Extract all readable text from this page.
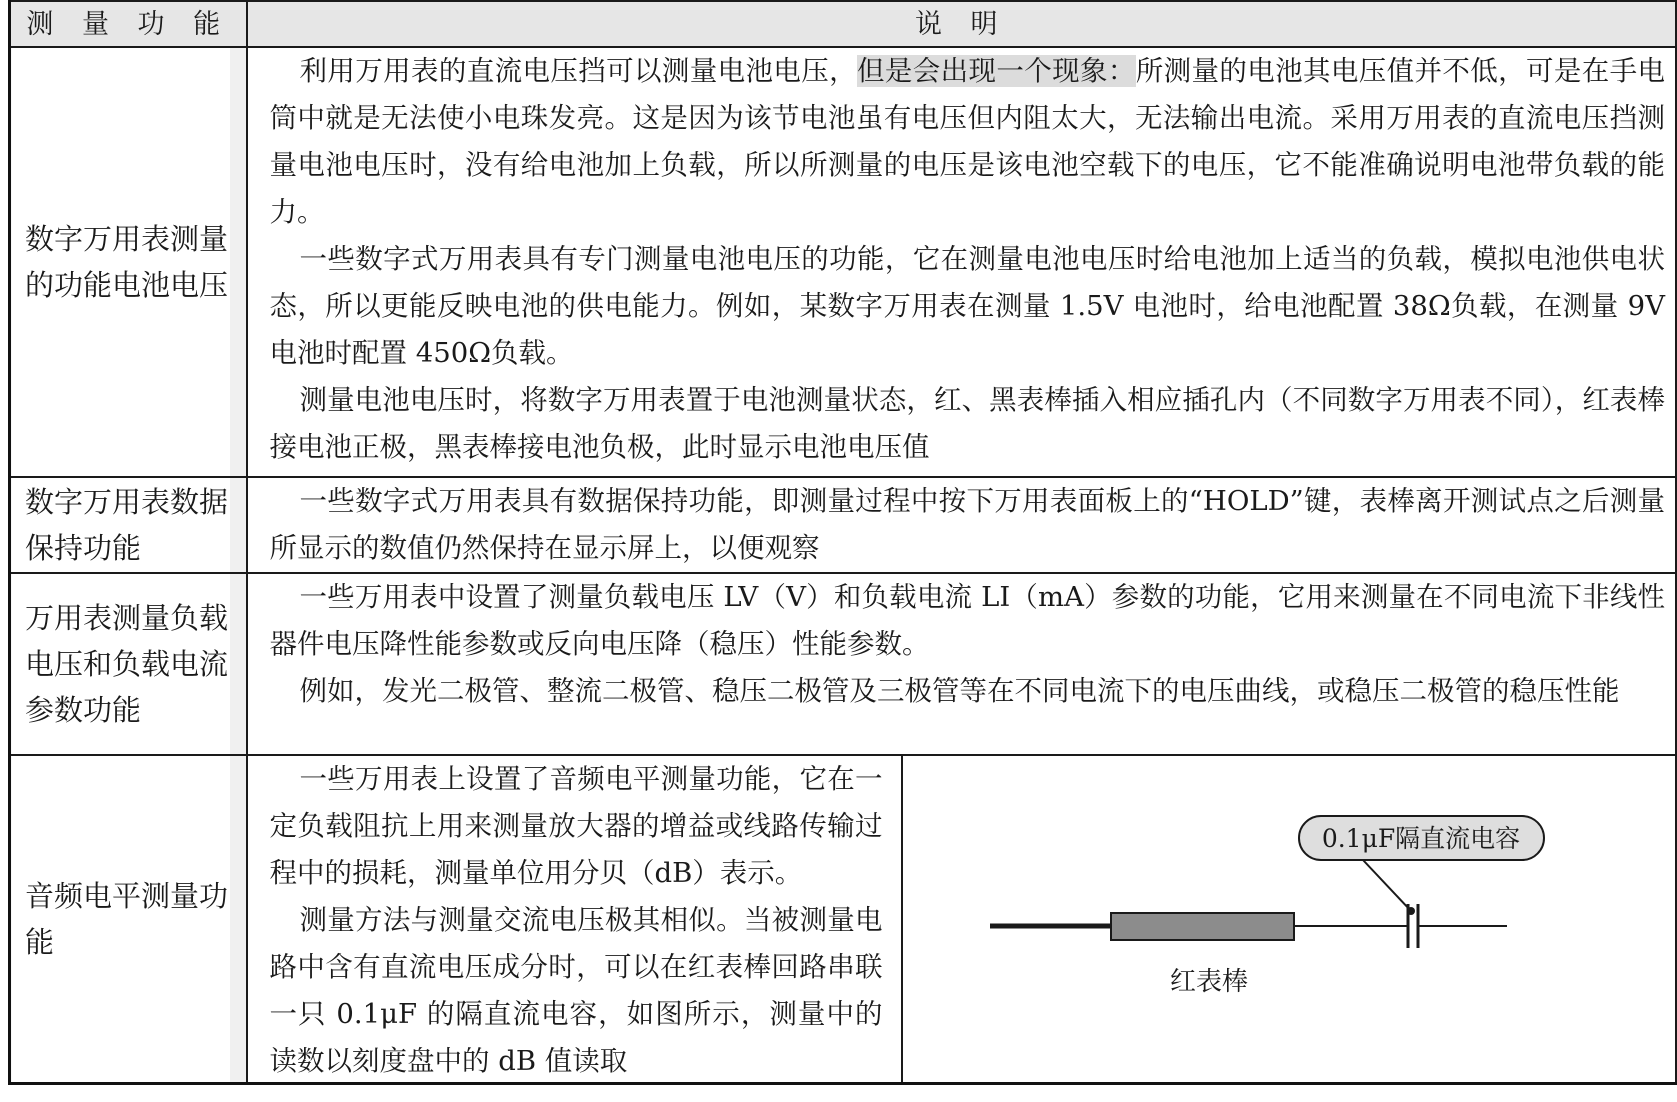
测 量 功 能	说 明
数字万用表测量的功能电池电压	利用万用表的直流电压挡可以测量电池电压，但是会出现一个现象：所测量的电池其电压值并不低，可是在手电筒中就是无法使小电珠发亮。这是因为该节电池虽有电压但内阻太大，无法输出电流。采用万用表的直流电压挡测量电池电压时，没有给电池加上负载，所以所测量的电压是该电池空载下的电压，它不能准确说明电池带负载的能力。

一些数字式万用表具有专门测量电池电压的功能，它在测量电池电压时给电池加上适当的负载，模拟电池供电状态，所以更能反映电池的供电能力。例如，某数字万用表在测量 1.5V 电池时，给电池配置 38Ω负载，在测量 9V 电池时配置 450Ω负载。

测量电池电压时，将数字万用表置于电池测量状态，红、黑表棒插入相应插孔内（不同数字万用表不同），红表棒接电池正极，黑表棒接电池负极，此时显示电池电压值

数字万用表数据保持功能	一些数字式万用表具有数据保持功能，即测量过程中按下万用表面板上的“HOLD”键，表棒离开测试点之后测量所显示的数值仍然保持在显示屏上，以便观察

万用表测量负载电压和负载电流参数功能	一些万用表中设置了测量负载电压 LV（V）和负载电流 LI（mA）参数的功能，它用来测量在不同电流下非线性器件电压降性能参数或反向电压降（稳压）性能参数。

例如，发光二极管、整流二极管、稳压二极管及三极管等在不同电流下的电压曲线，或稳压二极管的稳压性能

音频电平测量功能	一些万用表上设置了音频电平测量功能，它在一定负载阻抗上用来测量放大器的增益或线路传输过程中的损耗，测量单位用分贝（dB）表示。

测量方法与测量交流电压极其相似。当被测量电路中含有直流电压成分时，可以在红表棒回路串联一只 0.1μF 的隔直流电容，如图所示，测量中的读数以刻度盘中的 dB 值读取

0.1μF隔直流电容
红表棒
